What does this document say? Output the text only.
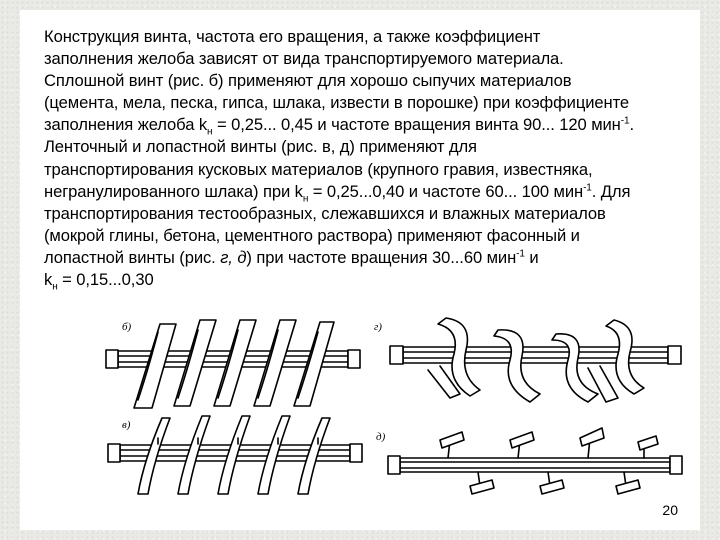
Конструкция винта, частота его вращения, а также коэффициент
заполнения желоба зависят от вида транспортируемого материала.
Сплошной винт (рис. б) применяют для хорошо сыпучих материалов
(цемента, мела, песка, гипса, шлака, извести в порошке) при коэффициенте
заполнения желоба $k_н = 0,25$... 0,45 и частоте вращения винта 90... 120 мин$^{-1}$.
Ленточный и лопастной винты (рис. в, д) применяют для
транспортирования кусковых материалов (крупного гравия, известняка,
негранулированного шлака) при $k_н = 0,25...0,40$ и частоте 60... 100 мин$^{-1}$. Для
транспортирования тестообразных, слежавшихся и влажных материалов
(мокрой глины, бетона, цементного раствора) применяют фасонный и
лопастной винты (рис. г, д) при частоте вращения 30...60 мин$^{-1}$ и
$k_н = 0,15...0,30$
б)	г)
в)
д)
20
